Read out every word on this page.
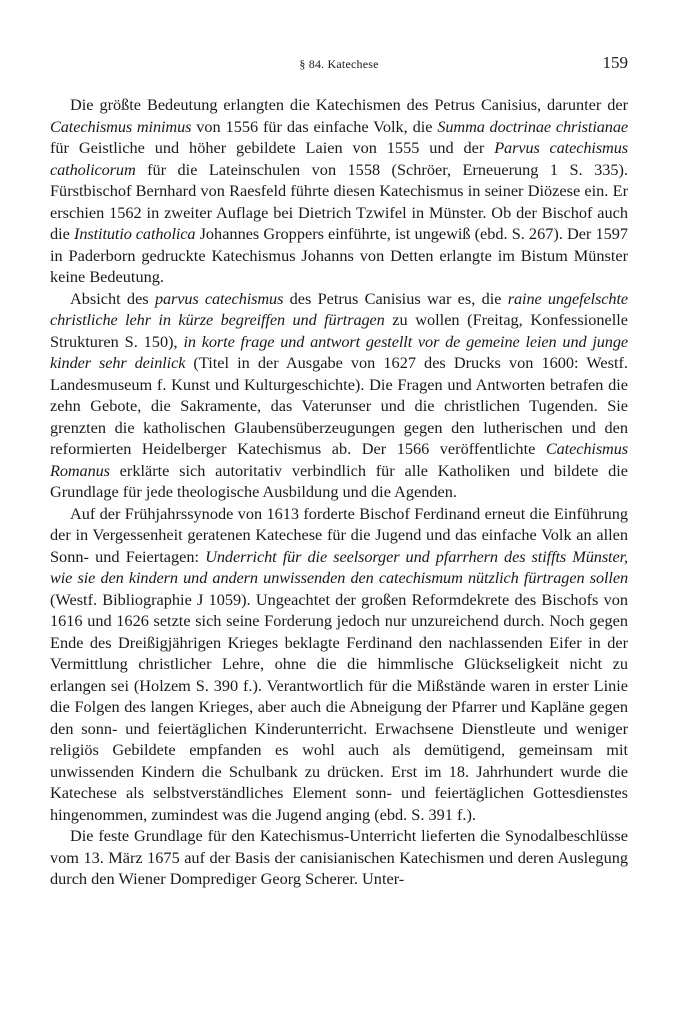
§ 84. Katechese	159

Die größte Bedeutung erlangten die Katechismen des Petrus Canisius, darunter der Catechismus minimus von 1556 für das einfache Volk, die Summa doctrinae christianae für Geistliche und höher gebildete Laien von 1555 und der Parvus catechismus catholicorum für die Lateinschulen von 1558 (Schröer, Erneuerung 1 S. 335). Fürstbischof Bernhard von Raesfeld führte diesen Katechismus in seiner Diözese ein. Er erschien 1562 in zweiter Auflage bei Dietrich Tzwifel in Münster. Ob der Bischof auch die Institutio catholica Johannes Groppers einführte, ist ungewiß (ebd. S. 267). Der 1597 in Paderborn gedruckte Katechismus Johanns von Detten erlangte im Bistum Münster keine Bedeutung.

Absicht des parvus catechismus des Petrus Canisius war es, die raine ungefelschte christliche lehr in kürze begreiffen und fürtragen zu wollen (Freitag, Konfessionelle Strukturen S. 150), in korte frage und antwort gestellt vor de gemeine leien und junge kinder sehr deinlick (Titel in der Ausgabe von 1627 des Drucks von 1600: Westf. Landesmuseum f. Kunst und Kulturgeschichte). Die Fragen und Antworten betrafen die zehn Gebote, die Sakramente, das Vaterunser und die christlichen Tugenden. Sie grenzten die katholischen Glaubensüberzeugungen gegen den lutherischen und den reformierten Heidelberger Katechismus ab. Der 1566 veröffentlichte Catechismus Romanus erklärte sich autoritativ verbindlich für alle Katholiken und bildete die Grundlage für jede theologische Ausbildung und die Agenden.

Auf der Frühjahrssynode von 1613 forderte Bischof Ferdinand erneut die Einführung der in Vergessenheit geratenen Katechese für die Jugend und das einfache Volk an allen Sonn- und Feiertagen: Underricht für die seelsorger und pfarrhern des stiffts Münster, wie sie den kindern und andern unwissenden den catechismum nützlich fürtragen sollen (Westf. Bibliographie J 1059). Ungeachtet der großen Reformdekrete des Bischofs von 1616 und 1626 setzte sich seine Forderung jedoch nur unzureichend durch. Noch gegen Ende des Dreißigjährigen Krieges beklagte Ferdinand den nachlassenden Eifer in der Vermittlung christlicher Lehre, ohne die die himmlische Glückseligkeit nicht zu erlangen sei (Holzem S. 390 f.). Verantwortlich für die Mißstände waren in erster Linie die Folgen des langen Krieges, aber auch die Abneigung der Pfarrer und Kapläne gegen den sonn- und feiertäglichen Kinderunterricht. Erwachsene Dienstleute und weniger religiös Gebildete empfanden es wohl auch als demütigend, gemeinsam mit unwissenden Kindern die Schulbank zu drücken. Erst im 18. Jahrhundert wurde die Katechese als selbstverständliches Element sonn- und feiertäglichen Gottesdienstes hingenommen, zumindest was die Jugend anging (ebd. S. 391 f.).

Die feste Grundlage für den Katechismus-Unterricht lieferten die Synodalbeschlüsse vom 13. März 1675 auf der Basis der canisianischen Katechismen und deren Auslegung durch den Wiener Domprediger Georg Scherer. Unter-
